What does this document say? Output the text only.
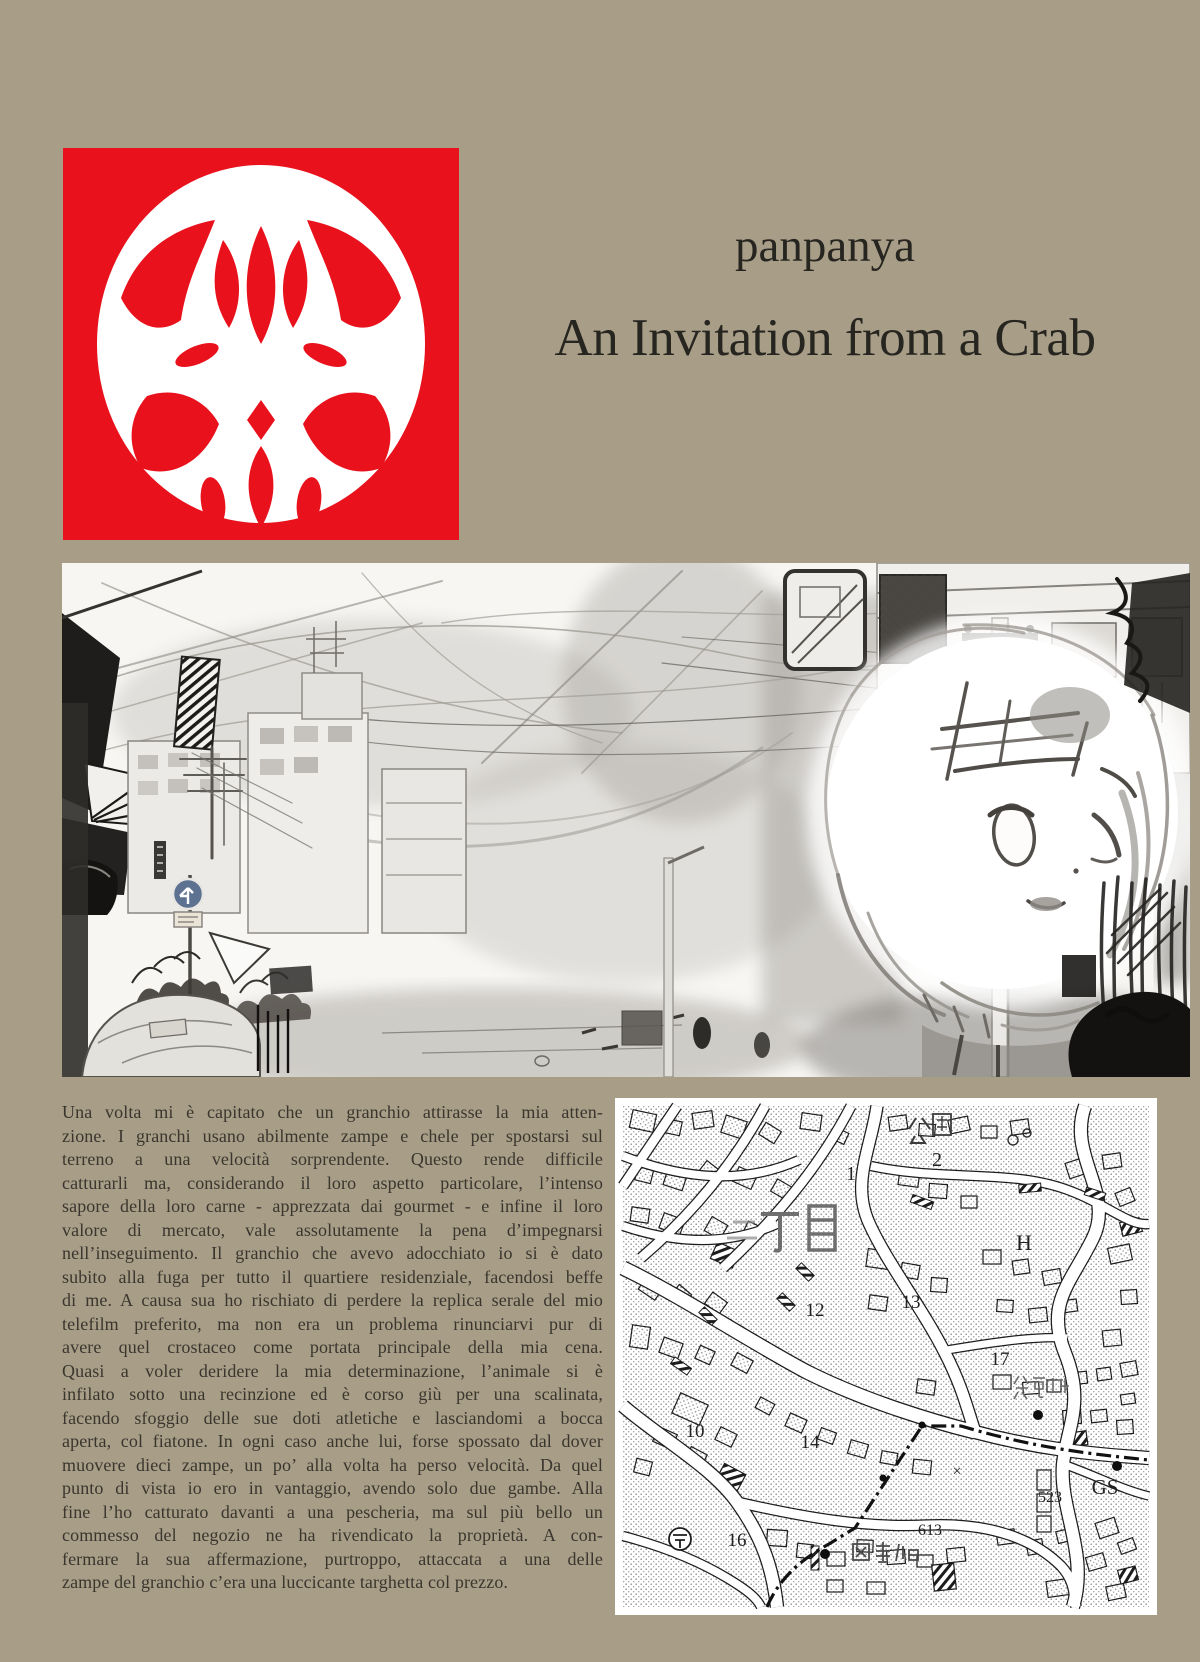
panpanya
An Invitation from a Crab
Una volta mi è capitato che un granchio attirasse la mia atten-
zione. I granchi usano abilmente zampe e chele per spostarsi sul
terreno a una velocità sorprendente. Questo rende difficile
catturarli ma, considerando il loro aspetto particolare, l’intenso
sapore della loro carne - apprezzata dai gourmet - e infine il loro
valore di mercato, vale assolutamente la pena d’impegnarsi
nell’inseguimento. Il granchio che avevo adocchiato io si è dato
subito alla fuga per tutto il quartiere residenziale, facendosi beffe
di me. A causa sua ho rischiato di perdere la replica serale del mio
telefilm preferito, ma non era un problema rinunciarvi pur di
avere quel crostaceo come portata principale della mia cena.
Quasi a voler deridere la mia determinazione, l’animale si è
infilato sotto una recinzione ed è corso giù per una scalinata,
facendo sfoggio delle sue doti atletiche e lasciandomi a bocca
aperta, col fiatone. In ogni caso anche lui, forse spossato dal dover
muovere dieci zampe, un po’ alla volta ha perso velocità. Da quel
punto di vista io ero in vantaggio, avendo solo due gambe. Alla
fine l’ho catturato davanti a una pescheria, ma sul più bello un
commesso del negozio ne ha rivendicato la proprietà. A con-
fermare la sua affermazione, purtroppo, attaccata a una delle
zampe del granchio c’era una luccicante targhetta col prezzo.
1
2
13
12
17
10
14
16
523
613
GS
×
H
